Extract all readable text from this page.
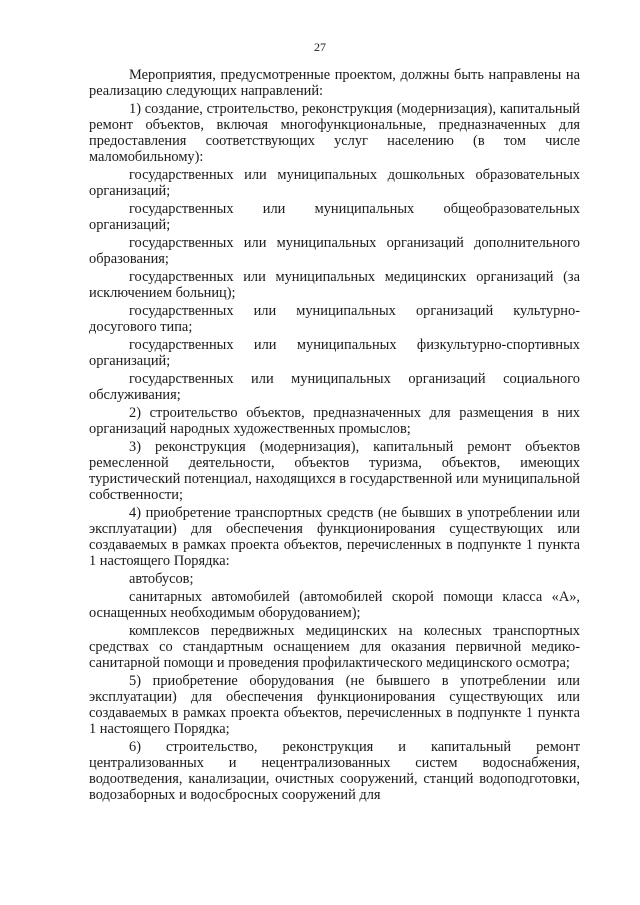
27

Мероприятия, предусмотренные проектом, должны быть направлены на реализацию следующих направлений:

1) создание, строительство, реконструкция (модернизация), капитальный ремонт объектов, включая многофункциональные, предназначенных для предоставления соответствующих услуг населению (в том числе маломобильному):

государственных или муниципальных дошкольных образовательных организаций;

государственных или муниципальных общеобразовательных организаций;

государственных или муниципальных организаций дополнительного образования;

государственных или муниципальных медицинских организаций (за исключением больниц);

государственных или муниципальных организаций культурно-досугового типа;

государственных или муниципальных физкультурно-спортивных организаций;

государственных или муниципальных организаций социального обслуживания;

2) строительство объектов, предназначенных для размещения в них организаций народных художественных промыслов;

3) реконструкция (модернизация), капитальный ремонт объектов ремесленной деятельности, объектов туризма, объектов, имеющих туристический потенциал, находящихся в государственной или муниципальной собственности;

4) приобретение транспортных средств (не бывших в употреблении или эксплуатации) для обеспечения функционирования существующих или создаваемых в рамках проекта объектов, перечисленных в подпункте 1 пункта 1 настоящего Порядка:

автобусов;

санитарных автомобилей (автомобилей скорой помощи класса «А», оснащенных необходимым оборудованием);

комплексов передвижных медицинских на колесных транспортных средствах со стандартным оснащением для оказания первичной медико-санитарной помощи и проведения профилактического медицинского осмотра;

5) приобретение оборудования (не бывшего в употреблении или эксплуатации) для обеспечения функционирования существующих или создаваемых в рамках проекта объектов, перечисленных в подпункте 1 пункта 1 настоящего Порядка;

6) строительство, реконструкция и капитальный ремонт централизованных и нецентрализованных систем водоснабжения, водоотведения, канализации, очистных сооружений, станций водоподготовки, водозаборных и водосбросных сооружений для
